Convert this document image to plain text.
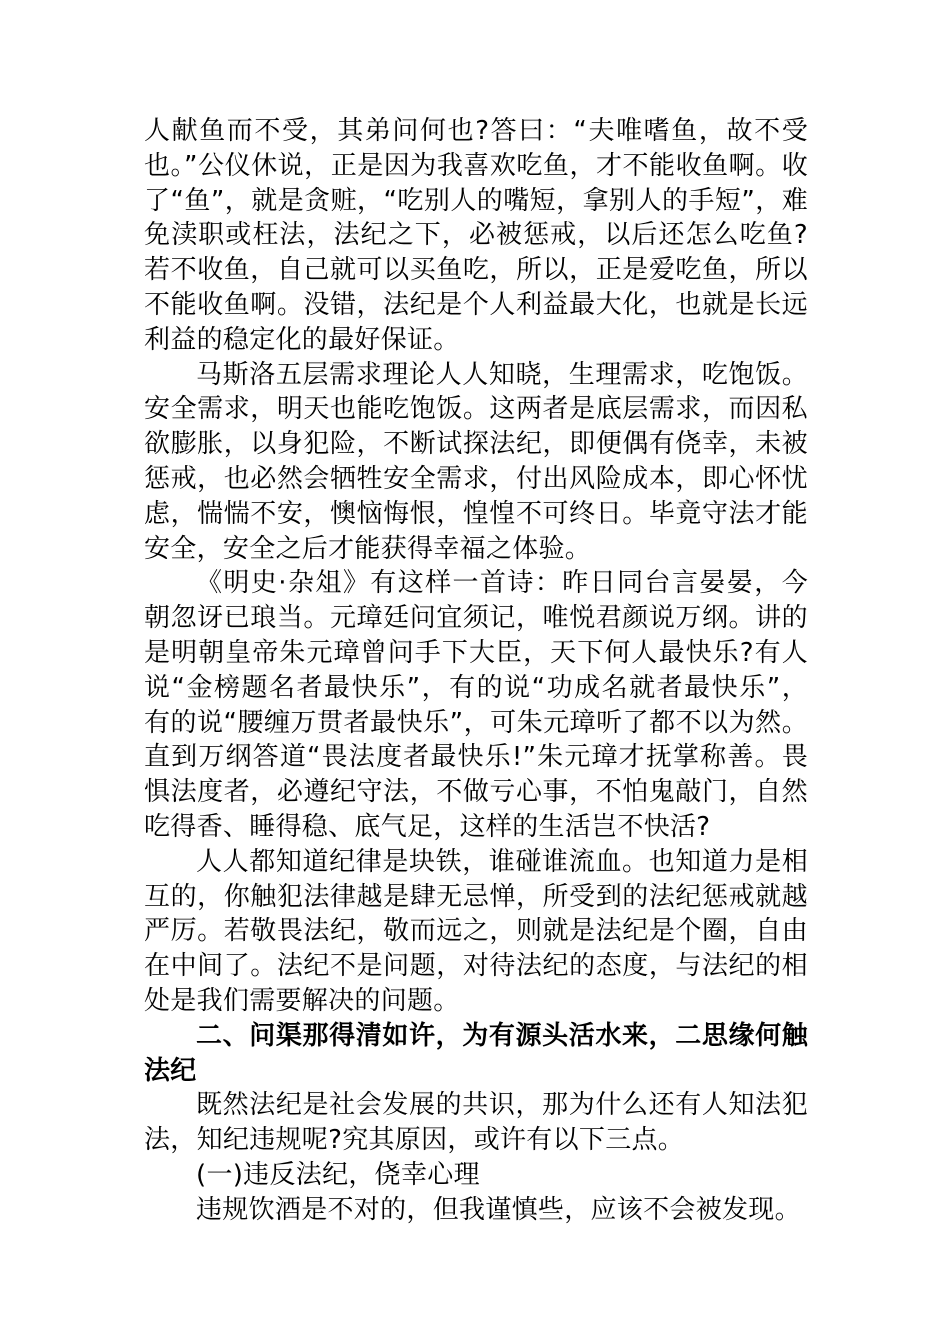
人献鱼而不受，其弟问何也?答曰：“夫唯嗜鱼，故不受也。”公仪休说，正是因为我喜欢吃鱼，才不能收鱼啊。收了“鱼”，就是贪赃，“吃别人的嘴短，拿别人的手短”，难免渎职或枉法，法纪之下，必被惩戒，以后还怎么吃鱼?若不收鱼，自己就可以买鱼吃，所以，正是爱吃鱼，所以不能收鱼啊。没错，法纪是个人利益最大化，也就是长远利益的稳定化的最好保证。

马斯洛五层需求理论人人知晓，生理需求，吃饱饭。安全需求，明天也能吃饱饭。这两者是底层需求，而因私欲膨胀，以身犯险，不断试探法纪，即便偶有侥幸，未被惩戒，也必然会牺牲安全需求，付出风险成本，即心怀忧虑，惴惴不安，懊恼悔恨，惶惶不可终日。毕竟守法才能安全，安全之后才能获得幸福之体验。

《明史·杂俎》有这样一首诗：昨日同台言晏晏，今朝忽讶已琅当。元璋廷问宜须记，唯悦君颜说万纲。讲的是明朝皇帝朱元璋曾问手下大臣，天下何人最快乐?有人说“金榜题名者最快乐”，有的说“功成名就者最快乐”， 有的说“腰缠万贯者最快乐”，可朱元璋听了都不以为然。直到万纲答道“畏法度者最快乐!”朱元璋才抚掌称善。畏惧法度者，必遵纪守法，不做亏心事，不怕鬼敲门，自然吃得香、睡得稳、底气足，这样的生活岂不快活?

人人都知道纪律是块铁，谁碰谁流血。也知道力是相互的，你触犯法律越是肆无忌惮，所受到的法纪惩戒就越严厉。若敬畏法纪，敬而远之，则就是法纪是个圈，自由在中间了。法纪不是问题，对待法纪的态度，与法纪的相处是我们需要解决的问题。

二、问渠那得清如许，为有源头活水来，二思缘何触法纪

既然法纪是社会发展的共识，那为什么还有人知法犯法，知纪违规呢?究其原因，或许有以下三点。

(一)违反法纪，侥幸心理

违规饮酒是不对的，但我谨慎些，应该不会被发现。
